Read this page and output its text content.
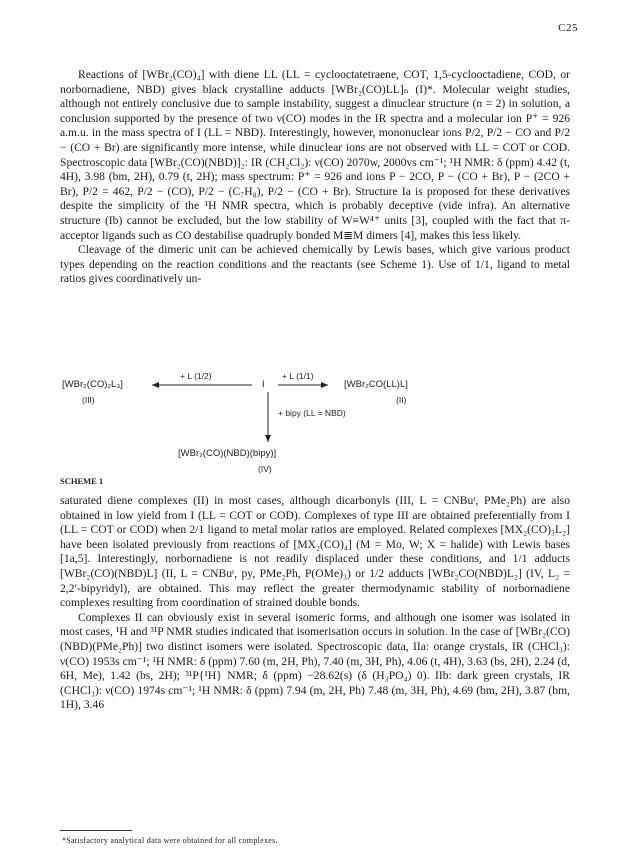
C25

Reactions of [WBr₂(CO)₄] with diene LL (LL = cyclooctatetraene, COT, 1,5-cyclooctadiene, COD, or norbornadiene, NBD) gives black crystalline adducts [WBr₂(CO)LL]ₙ (I)*. Molecular weight studies, although not entirely conclusive due to sample instability, suggest a dinuclear structure (n = 2) in solution, a conclusion supported by the presence of two ν(CO) modes in the IR spectra and a molecular ion P⁺ = 926 a.m.u. in the mass spectra of I (LL = NBD). Interestingly, however, mononuclear ions P/2, P/2 − CO and P/2 − (CO + Br) are significantly more intense, while dinuclear ions are not observed with LL = COT or COD. Spectroscopic data [WBr₂(CO)(NBD)]₂: IR (CH₂Cl₂): ν(CO) 2070w, 2000vs cm⁻¹; ¹H NMR: δ (ppm) 4.42 (t, 4H), 3.98 (bm, 2H), 0.79 (t, 2H); mass spectrum: P⁺ = 926 and ions P − 2CO, P − (CO + Br), P − (2CO + Br), P/2 = 462, P/2 − (CO), P/2 − (C₇H₈), P/2 − (CO + Br). Structure Ia is proposed for these derivatives despite the simplicity of the ¹H NMR spectra, which is probably deceptive (vide infra). An alternative structure (Ib) cannot be excluded, but the low stability of W≡W⁴⁺ units [3], coupled with the fact that π-acceptor ligands such as CO destabilise quadruply bonded M≣M dimers [4], makes this less likely.

Cleavage of the dimeric unit can be achieved chemically by Lewis bases, which give various product types depending on the reaction conditions and the reactants (see Scheme 1). Use of 1/1, ligand to metal ratios gives coordinatively un-

[WBr₂(CO)₂L₃]
(III)
+ L (1/2)
I
+ L (1/1)
[WBr₂CO(LL)L]
(II)
+ bipy (LL = NBD)
[WBr₂(CO)(NBD)(bipy)]
(IV)
SCHEME 1

saturated diene complexes (II) in most cases, although dicarbonyls (III, L = CNBuᵗ, PMe₂Ph) are also obtained in low yield from I (LL = COT or COD). Complexes of type III are obtained preferentially from I (LL = COT or COD) when 2/1 ligand to metal molar ratios are employed. Related complexes [MX₂(CO)₃L₂] have been isolated previously from reactions of [MX₂(CO)₄] (M = Mo, W; X = halide) with Lewis bases [1a,5]. Interestingly, norbornadiene is not readily displaced under these conditions, and 1/1 adducts [WBr₂(CO)(NBD)L] (II, L = CNBuᵗ, py, PMe₂Ph, P(OMe)₃) or 1/2 adducts [WBr₂CO(NBD)L₂] (IV, L₂ = 2,2′-bipyridyl), are obtained. This may reflect the greater thermodynamic stability of norbornadiene complexes resulting from coordination of strained double bonds.

Complexes II can obviously exist in several isomeric forms, and although one isomer was isolated in most cases, ¹H and ³¹P NMR studies indicated that isomerisation occurs in solution. In the case of [WBr₂(CO)(NBD)(PMe₂Ph)] two distinct isomers were isolated. Spectroscopic data, IIa: orange crystals, IR (CHCl₃): ν(CO) 1953s cm⁻¹; ¹H NMR: δ (ppm) 7.60 (m, 2H, Ph), 7.40 (m, 3H, Ph), 4.06 (t, 4H), 3.63 (bs, 2H), 2.24 (d, 6H, Me), 1.42 (bs, 2H); ³¹P{¹H} NMR; δ (ppm) −28.62(s) (δ (H₃PO₄) 0). IIb: dark green crystals, IR (CHCl₃): ν(CO) 1974s cm⁻¹; ¹H NMR: δ (ppm) 7.94 (m, 2H, Ph) 7.48 (m, 3H, Ph), 4.69 (bm, 2H), 3.87 (bm, 1H), 3.46

*Satisfactory analytical data were obtained for all complexes.
